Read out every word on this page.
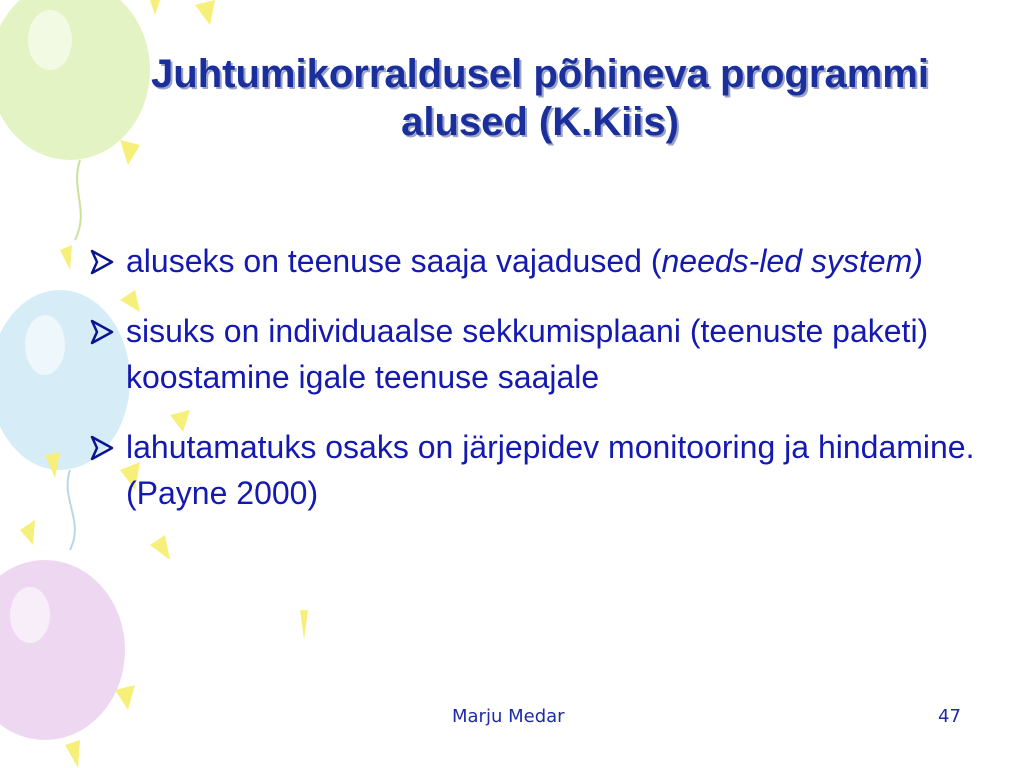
Juhtumikorraldusel põhineva programmi
alused (K.Kiis)
aluseks on teenuse saaja vajadused (needs-led system)
sisuks on individuaalse sekkumisplaani (teenuste paketi) koostamine igale teenuse saajale
lahutamatuks osaks on järjepidev monitooring ja hindamine. (Payne 2000)
Marju Medar	47
